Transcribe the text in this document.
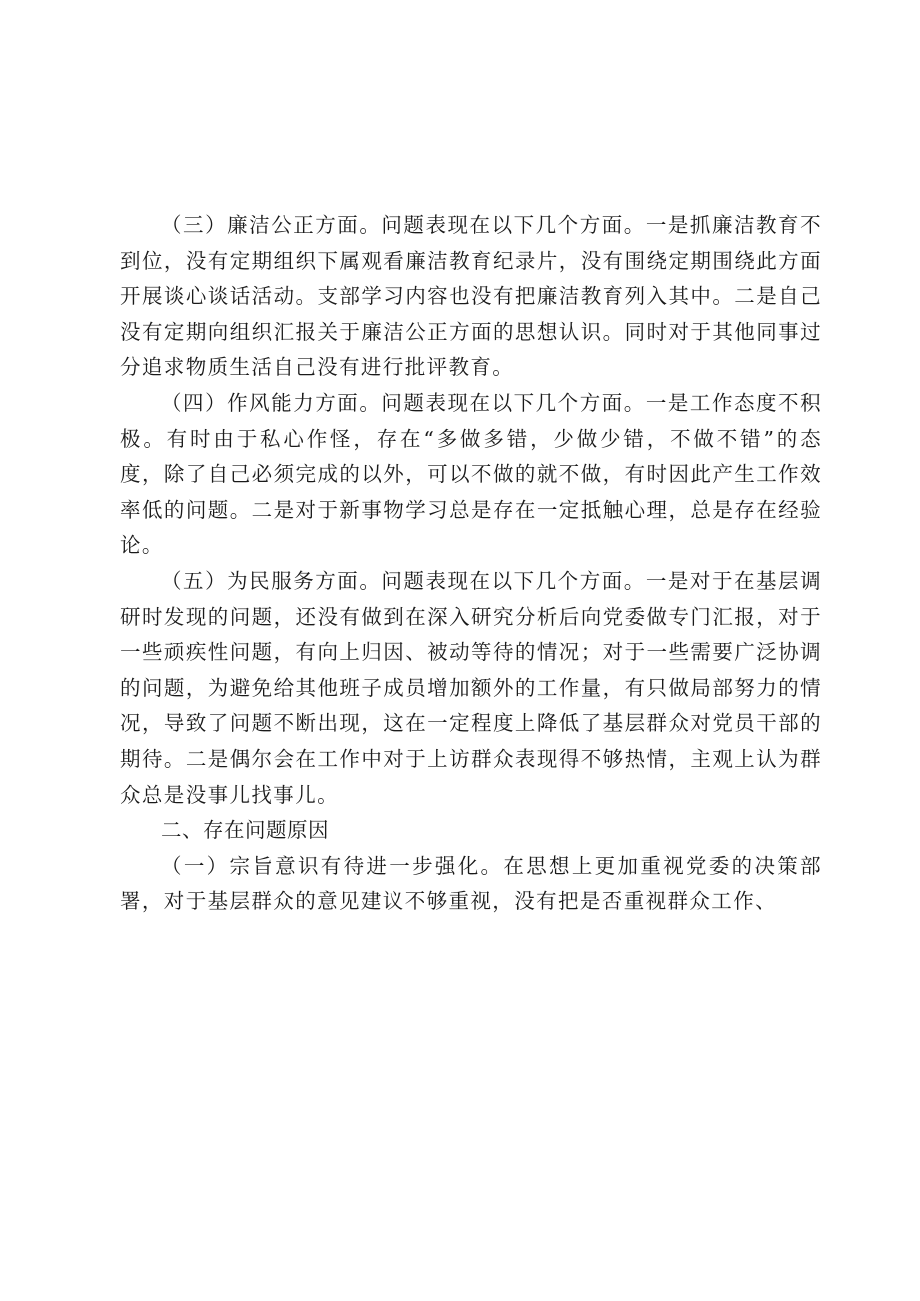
（三）廉洁公正方面。问题表现在以下几个方面。一是抓廉洁教育不到位，没有定期组织下属观看廉洁教育纪录片，没有围绕定期围绕此方面开展谈心谈话活动。支部学习内容也没有把廉洁教育列入其中。二是自己没有定期向组织汇报关于廉洁公正方面的思想认识。同时对于其他同事过分追求物质生活自己没有进行批评教育。

（四）作风能力方面。问题表现在以下几个方面。一是工作态度不积极。有时由于私心作怪，存在“多做多错，少做少错，不做不错”的态度，除了自己必须完成的以外，可以不做的就不做，有时因此产生工作效率低的问题。二是对于新事物学习总是存在一定抵触心理，总是存在经验论。

（五）为民服务方面。问题表现在以下几个方面。一是对于在基层调研时发现的问题，还没有做到在深入研究分析后向党委做专门汇报，对于一些顽疾性问题，有向上归因、被动等待的情况；对于一些需要广泛协调的问题，为避免给其他班子成员增加额外的工作量，有只做局部努力的情况，导致了问题不断出现，这在一定程度上降低了基层群众对党员干部的期待。二是偶尔会在工作中对于上访群众表现得不够热情，主观上认为群众总是没事儿找事儿。

二、存在问题原因

（一）宗旨意识有待进一步强化。在思想上更加重视党委的决策部署，对于基层群众的意见建议不够重视，没有把是否重视群众工作、
